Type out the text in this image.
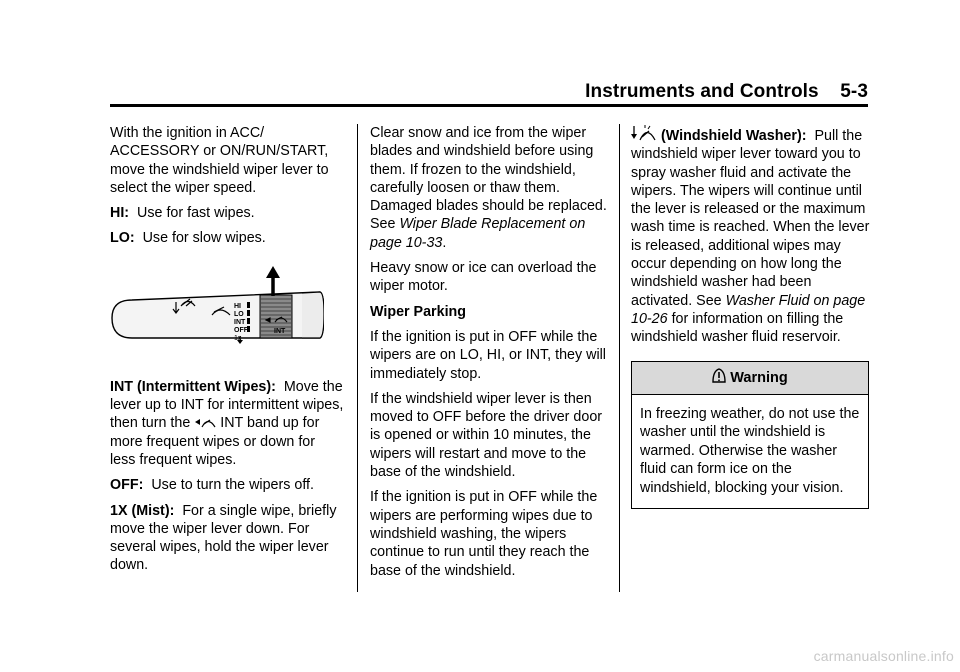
Instruments and Controls    5-3

With the ignition in ACC/ ACCESSORY or ON/RUN/START, move the windshield wiper lever to select the wiper speed.

HI: Use for fast wipes.

LO: Use for slow wipes.

HI
LO
INT
OFF
1x
INT

INT (Intermittent Wipes): Move the lever up to INT for intermittent wipes, then turn the INT band up for more frequent wipes or down for less frequent wipes.

OFF: Use to turn the wipers off.

1X (Mist): For a single wipe, briefly move the wiper lever down. For several wipes, hold the wiper lever down.

Clear snow and ice from the wiper blades and windshield before using them. If frozen to the windshield, carefully loosen or thaw them. Damaged blades should be replaced. See Wiper Blade Replacement on page 10-33.

Heavy snow or ice can overload the wiper motor.

Wiper Parking

If the ignition is put in OFF while the wipers are on LO, HI, or INT, they will immediately stop.

If the windshield wiper lever is then moved to OFF before the driver door is opened or within 10 minutes, the wipers will restart and move to the base of the windshield.

If the ignition is put in OFF while the wipers are performing wipes due to windshield washing, the wipers continue to run until they reach the base of the windshield.

(Windshield Washer): Pull the windshield wiper lever toward you to spray washer fluid and activate the wipers. The wipers will continue until the lever is released or the maximum wash time is reached. When the lever is released, additional wipes may occur depending on how long the windshield washer had been activated. See Washer Fluid on page 10-26 for information on filling the windshield washer fluid reservoir.

Warning
In freezing weather, do not use the washer until the windshield is warmed. Otherwise the washer fluid can form ice on the windshield, blocking your vision.
carmanualsonline.info
